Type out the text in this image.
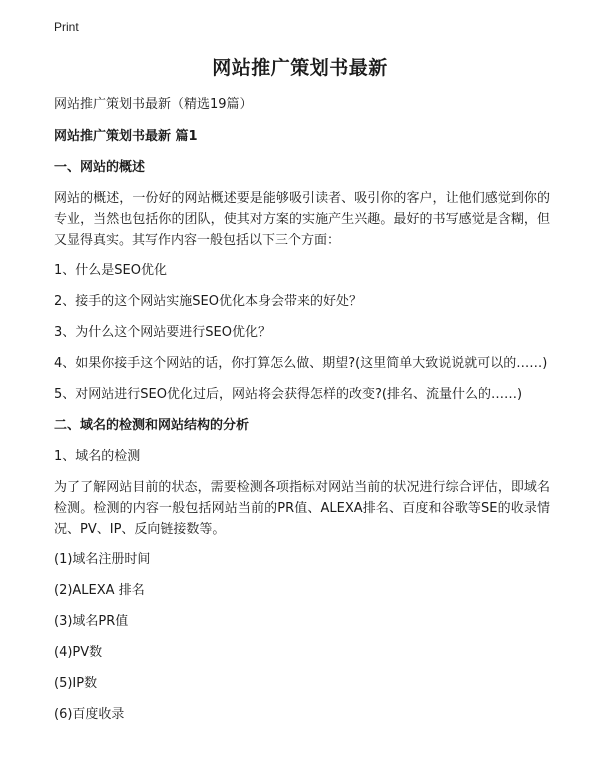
Print
网站推广策划书最新

网站推广策划书最新（精选19篇）

网站推广策划书最新 篇1

一、网站的概述

网站的概述，一份好的网站概述要是能够吸引读者、吸引你的客户，让他们感觉到你的专业，当然也包括你的团队，使其对方案的实施产生兴趣。最好的书写感觉是含糊，但又显得真实。其写作内容一般包括以下三个方面：

1、什么是SEO优化

2、接手的这个网站实施SEO优化本身会带来的好处？

3、为什么这个网站要进行SEO优化？

4、如果你接手这个网站的话，你打算怎么做、期望?(这里简单大致说说就可以的……)

5、对网站进行SEO优化过后，网站将会获得怎样的改变?(排名、流量什么的……)

二、域名的检测和网站结构的分析

1、域名的检测

为了了解网站目前的状态，需要检测各项指标对网站当前的状况进行综合评估，即域名检测。检测的内容一般包括网站当前的PR值、ALEXA排名、百度和谷歌等SE的收录情况、PV、IP、反向链接数等。

(1)域名注册时间

(2)ALEXA 排名

(3)域名PR值

(4)PV数

(5)IP数

(6)百度收录
